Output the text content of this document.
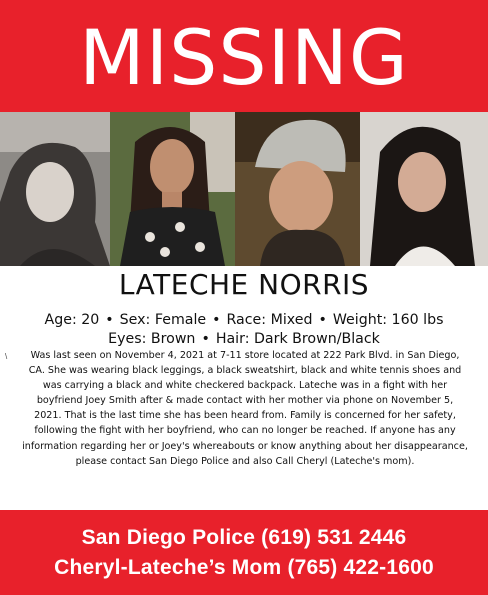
MISSING
LATECHE NORRIS
Age: 20 • Sex: Female • Race: Mixed • Weight: 160 lbs
Eyes: Brown • Hair: Dark Brown/Black
\	Was last seen on November 4, 2021 at 7-11 store located at 222 Park Blvd. in San Diego, CA. She was wearing black leggings, a black sweatshirt, black and white tennis shoes and was carrying a black and white checkered backpack. Lateche was in a fight with her boyfriend Joey Smith after & made contact with her mother via phone on November 5, 2021. That is the last time she has been heard from. Family is concerned for her safety, following the fight with her boyfriend, who can no longer be reached. If anyone has any information regarding her or Joey's whereabouts or know anything about her disappearance, please contact San Diego Police and also Call Cheryl (Lateche's mom).
San Diego Police (619) 531 2446
Cheryl-Lateche’s Mom (765) 422-1600
